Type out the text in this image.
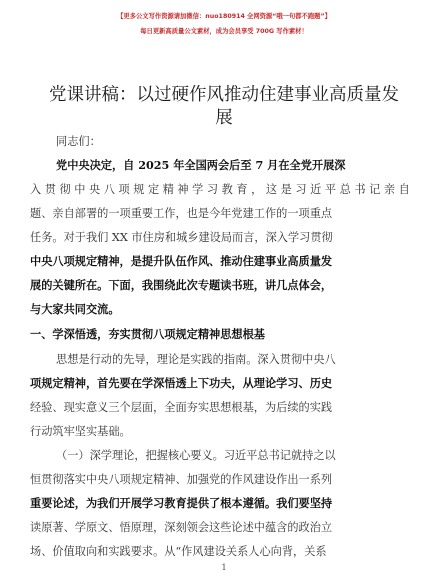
【更多公文写作资源请加微信：nuo180914 全网资源“哦一句都不跑题”】
每日更新高质量公文素材，成为会员享受 700G 写作素材！
党课讲稿：以过硬作风推动住建事业高质量发
展
同志们：
党中央决定，自 2025 年全国两会后至 7 月在全党开展深
入 贯 彻 中 央 八 项 规 定 精 神 学 习 教 育 ， 这 是 习 近 平 总 书 记 亲 自
题、亲自部署的一项重要工作，也是今年党建工作的一项重点
任务。对于我们 XX 市住房和城乡建设局而言，深入学习贯彻
中央八项规定精神，是提升队伍作风、推动住建事业高质量发
展的关键所在。下面，我围绕此次专题读书班，讲几点体会，
与大家共同交流。
一、学深悟透，夯实贯彻八项规定精神思想根基
思想是行动的先导，理论是实践的指南。深入贯彻中央八
项规定精神，首先要在学深悟透上下功夫，从理论学习、历史
经验、现实意义三个层面，全面夯实思想根基，为后续的实践
行动筑牢坚实基础。
（一）深学理论，把握核心要义。习近平总书记就持之以
恒贯彻落实中央八项规定精神、加强党的作风建设作出一系列
重要论述，为我们开展学习教育提供了根本遵循。我们要坚持
读原著、学原文、悟原理，深刻领会这些论述中蕴含的政治立
场、价值取向和实践要求。从“作风建设关系人心向背，关系
1
